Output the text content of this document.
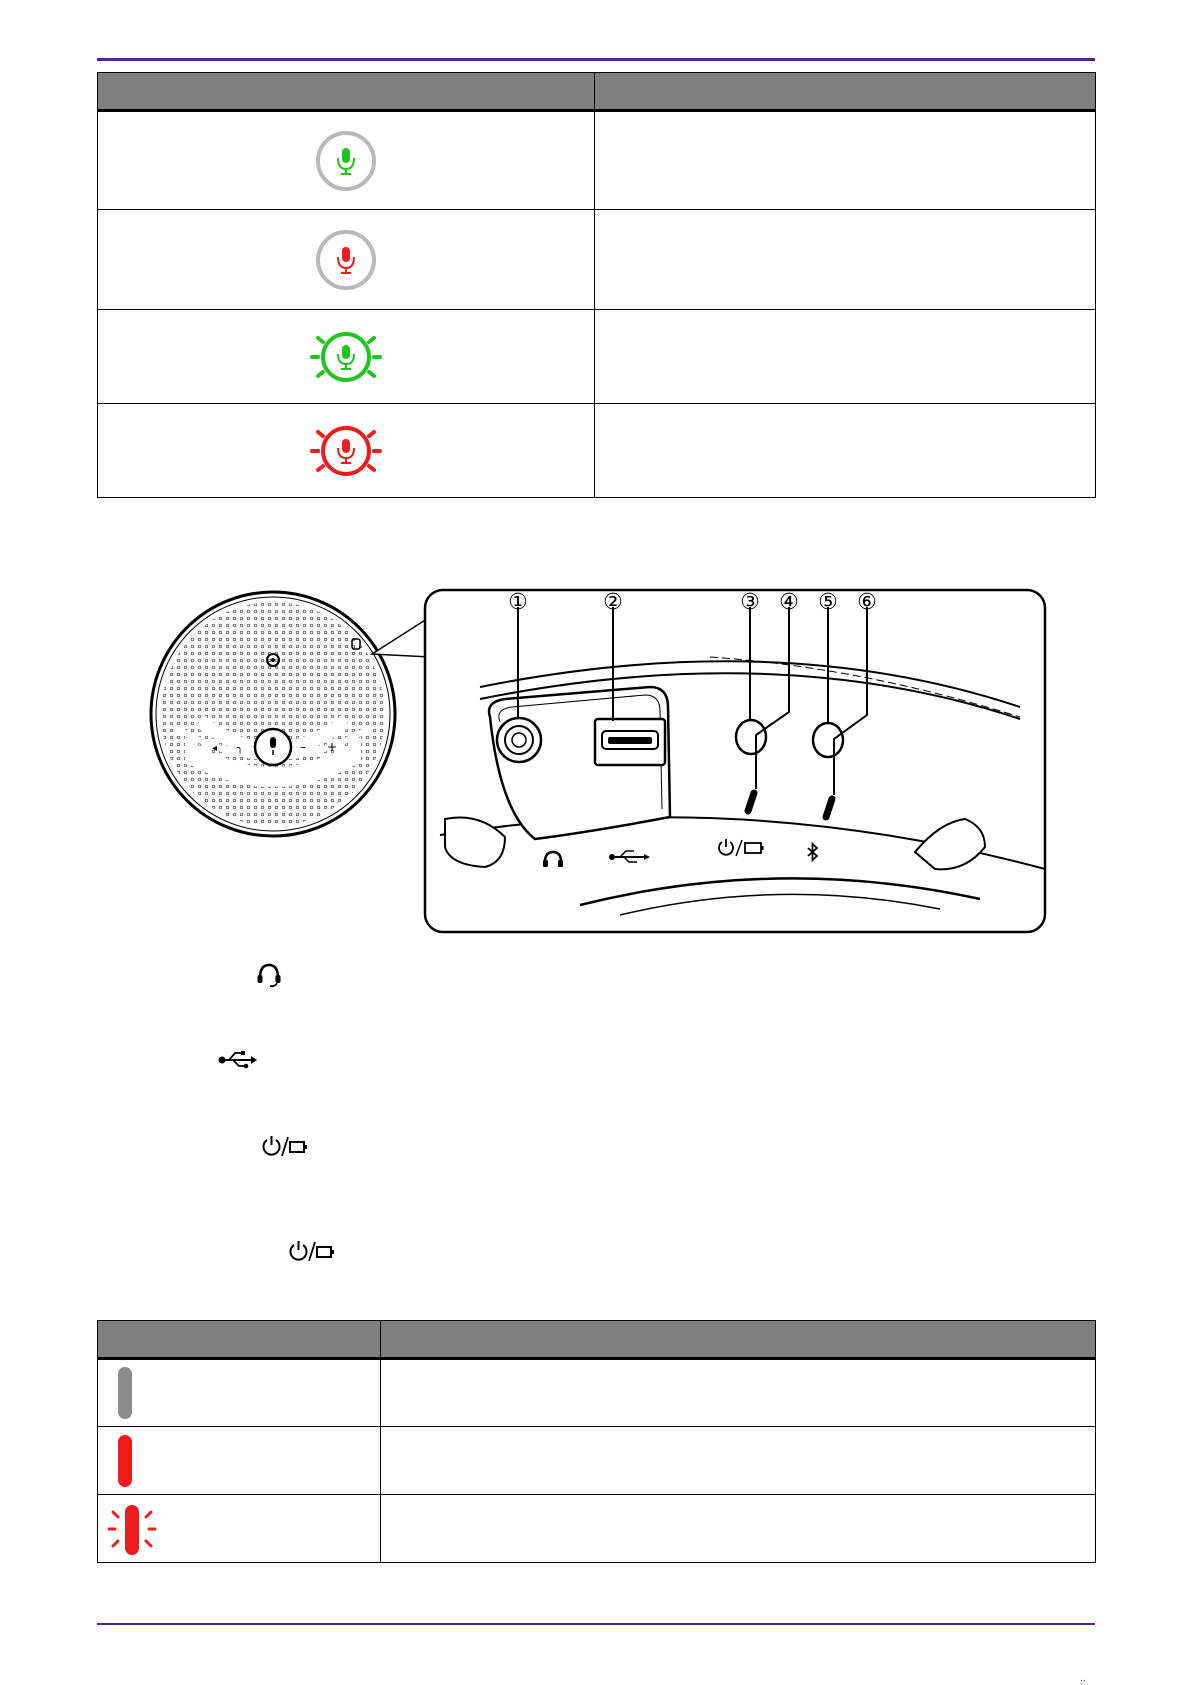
◂ ╮	– +
①	②	③ ④ ⑤ ⑥

‥
